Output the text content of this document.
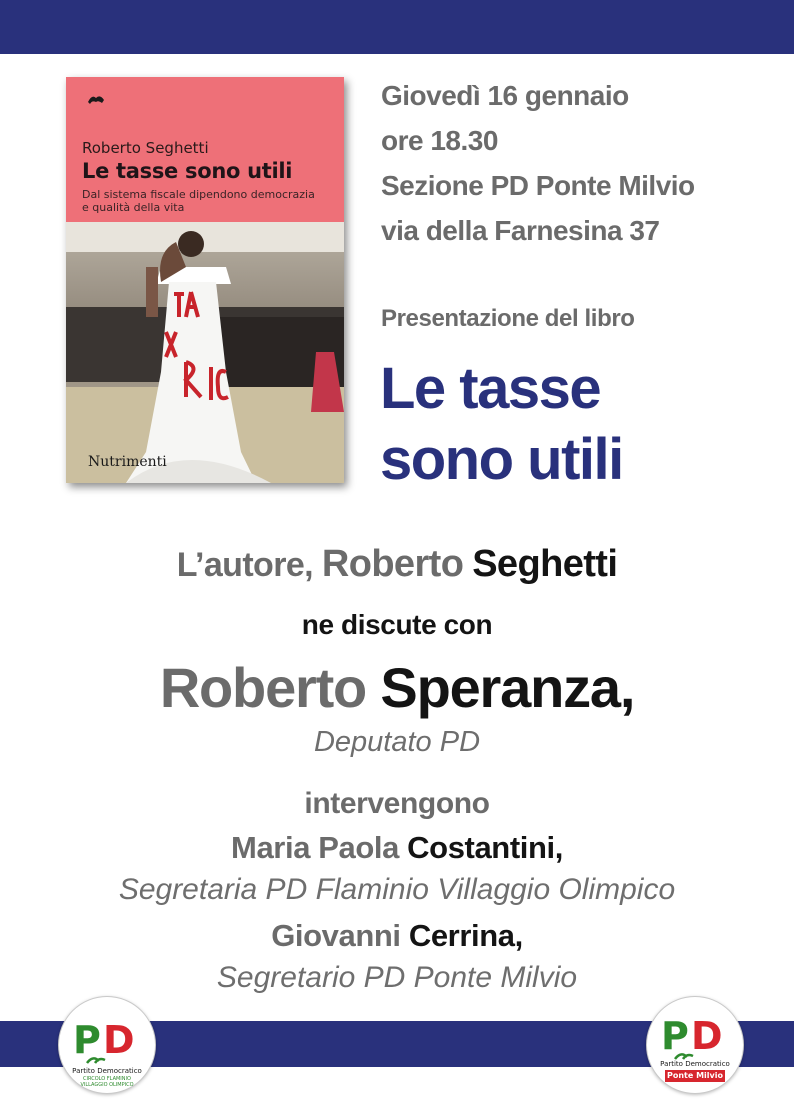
Roberto Seghetti
Le tasse sono utili
Dal sistema fiscale dipendono democrazia e qualità della vita
Nutrimenti
Giovedì 16 gennaio
ore 18.30
Sezione PD Ponte Milvio
via della Farnesina 37
Presentazione del libro
Le tasse
sono utili
L’autore, Roberto Seghetti
ne discute con
Roberto Speranza,
Deputato PD
intervengono
Maria Paola Costantini,
Segretaria PD Flaminio Villaggio Olimpico
Giovanni Cerrina,
Segretario PD Ponte Milvio
P D
Partito Democratico
CIRCOLO FLAMINIO
VILLAGGIO OLIMPICO
P D
Partito Democratico
Ponte Milvio
